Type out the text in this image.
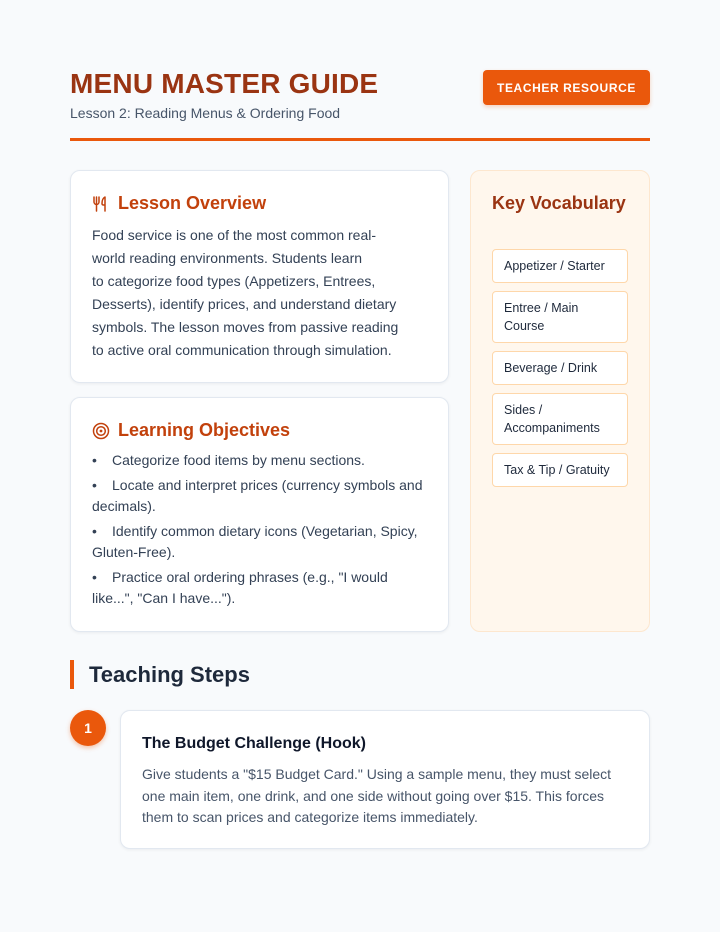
MENU MASTER GUIDE
Lesson 2: Reading Menus & Ordering Food
TEACHER RESOURCE
Lesson Overview
Food service is one of the most common real-
world reading environments. Students learn
to categorize food types (Appetizers, Entrees,
Desserts), identify prices, and understand dietary
symbols. The lesson moves from passive reading
to active oral communication through simulation.
Learning Objectives
• Categorize food items by menu sections.
• Locate and interpret prices (currency symbols and decimals).
• Identify common dietary icons (Vegetarian, Spicy, Gluten-Free).
• Practice oral ordering phrases (e.g., "I would like...", "Can I have...").
Key Vocabulary
Appetizer / Starter
Entree / Main Course
Beverage / Drink
Sides / Accompaniments
Tax & Tip / Gratuity
Teaching Steps
1
The Budget Challenge (Hook)
Give students a "$15 Budget Card." Using a sample menu, they must select one main item, one drink, and one side without going over $15. This forces them to scan prices and categorize items immediately.
